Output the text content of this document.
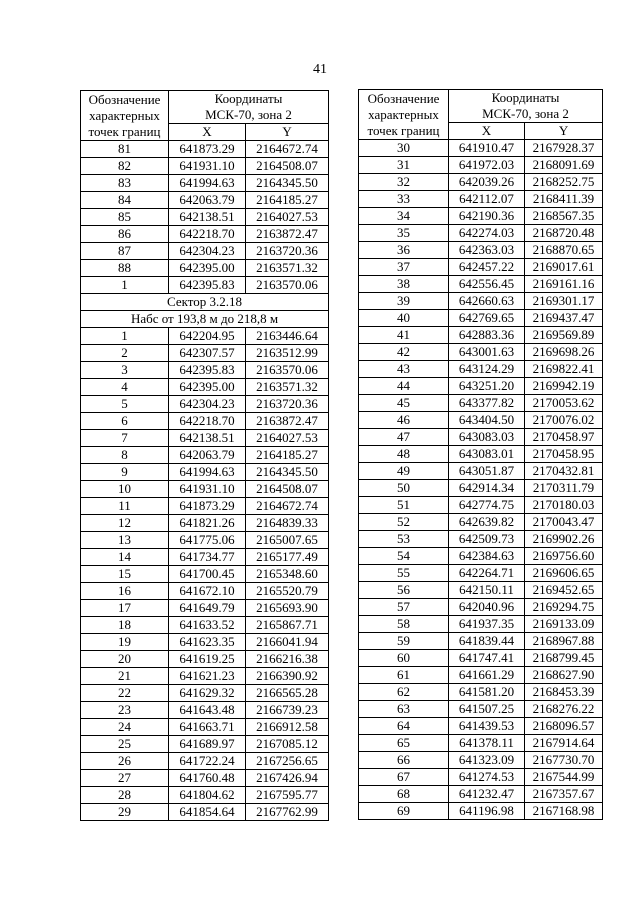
41
Обозначение
характерных
точек границ	Координаты	
	МСК-70, зона 2	
	X	Y
81	641873.29	2164672.74
82	641931.10	2164508.07
83	641994.63	2164345.50
84	642063.79	2164185.27
85	642138.51	2164027.53
86	642218.70	2163872.47
87	642304.23	2163720.36
88	642395.00	2163571.32
1	642395.83	2163570.06
Сектор 3.2.18		
Набс от 193,8 м до 218,8 м		
1	642204.95	2163446.64
2	642307.57	2163512.99
3	642395.83	2163570.06
4	642395.00	2163571.32
5	642304.23	2163720.36
6	642218.70	2163872.47
7	642138.51	2164027.53
8	642063.79	2164185.27
9	641994.63	2164345.50
10	641931.10	2164508.07
11	641873.29	2164672.74
12	641821.26	2164839.33
13	641775.06	2165007.65
14	641734.77	2165177.49
15	641700.45	2165348.60
16	641672.10	2165520.79
17	641649.79	2165693.90
18	641633.52	2165867.71
19	641623.35	2166041.94
20	641619.25	2166216.38
21	641621.23	2166390.92
22	641629.32	2166565.28
23	641643.48	2166739.23
24	641663.71	2166912.58
25	641689.97	2167085.12
26	641722.24	2167256.65
27	641760.48	2167426.94
28	641804.62	2167595.77
29	641854.64	2167762.99
Обозначение
характерных
точек границ	Координаты	
	МСК-70, зона 2	
	X	Y
30	641910.47	2167928.37
31	641972.03	2168091.69
32	642039.26	2168252.75
33	642112.07	2168411.39
34	642190.36	2168567.35
35	642274.03	2168720.48
36	642363.03	2168870.65
37	642457.22	2169017.61
38	642556.45	2169161.16
39	642660.63	2169301.17
40	642769.65	2169437.47
41	642883.36	2169569.89
42	643001.63	2169698.26
43	643124.29	2169822.41
44	643251.20	2169942.19
45	643377.82	2170053.62
46	643404.50	2170076.02
47	643083.03	2170458.97
48	643083.01	2170458.95
49	643051.87	2170432.81
50	642914.34	2170311.79
51	642774.75	2170180.03
52	642639.82	2170043.47
53	642509.73	2169902.26
54	642384.63	2169756.60
55	642264.71	2169606.65
56	642150.11	2169452.65
57	642040.96	2169294.75
58	641937.35	2169133.09
59	641839.44	2168967.88
60	641747.41	2168799.45
61	641661.29	2168627.90
62	641581.20	2168453.39
63	641507.25	2168276.22
64	641439.53	2168096.57
65	641378.11	2167914.64
66	641323.09	2167730.70
67	641274.53	2167544.99
68	641232.47	2167357.67
69	641196.98	2167168.98
